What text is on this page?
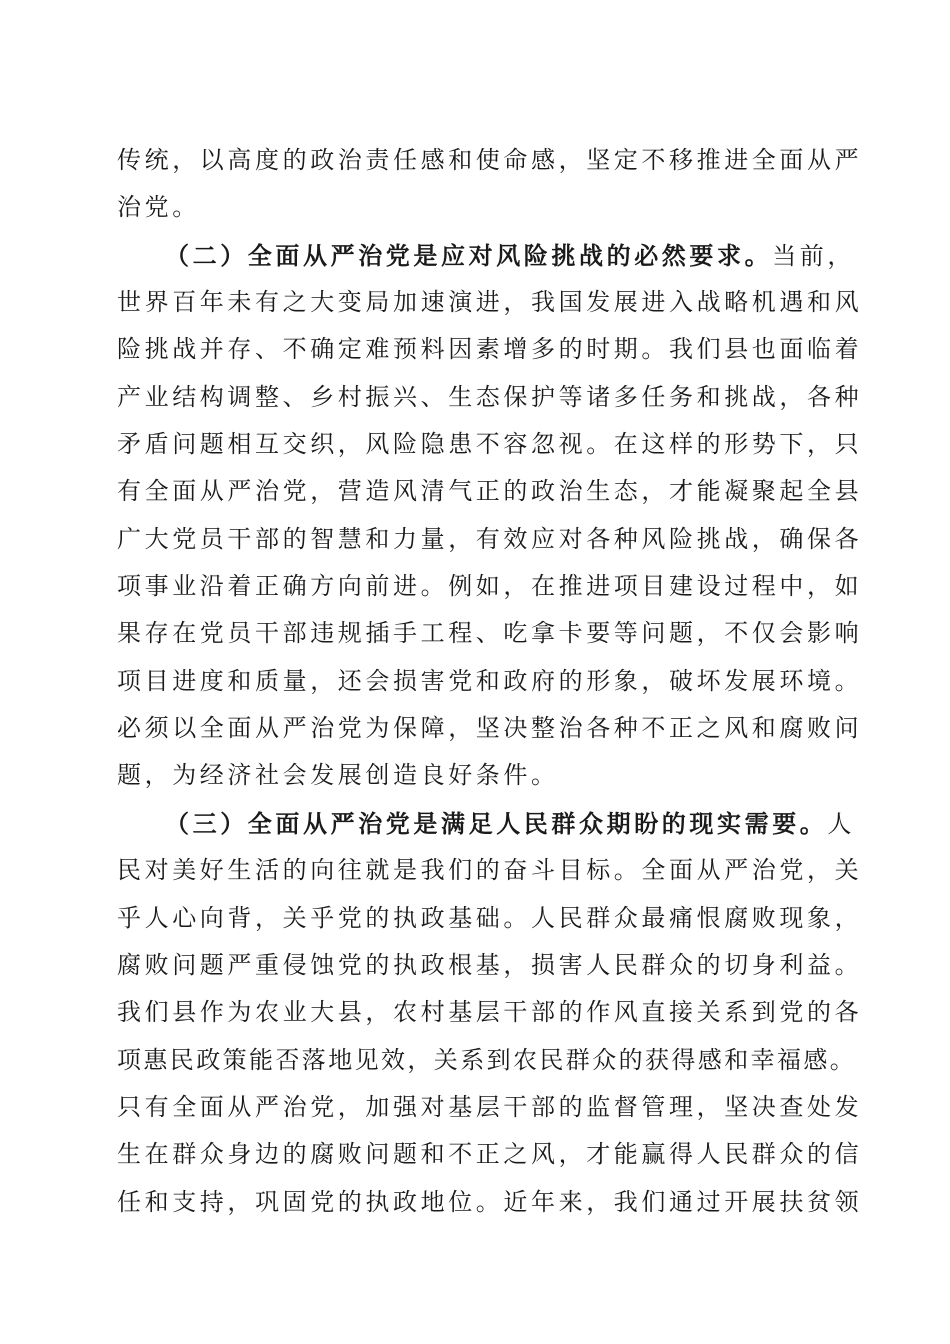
传统，以高度的政治责任感和使命感，坚定不移推进全面从严
治党。
（二）全面从严治党是应对风险挑战的必然要求。当前，
世界百年未有之大变局加速演进，我国发展进入战略机遇和风
险挑战并存、不确定难预料因素增多的时期。我们县也面临着
产业结构调整、乡村振兴、生态保护等诸多任务和挑战，各种
矛盾问题相互交织，风险隐患不容忽视。在这样的形势下，只
有全面从严治党，营造风清气正的政治生态，才能凝聚起全县
广大党员干部的智慧和力量，有效应对各种风险挑战，确保各
项事业沿着正确方向前进。例如，在推进项目建设过程中，如
果存在党员干部违规插手工程、吃拿卡要等问题，不仅会影响
项目进度和质量，还会损害党和政府的形象，破坏发展环境。
必须以全面从严治党为保障，坚决整治各种不正之风和腐败问
题，为经济社会发展创造良好条件。
（三）全面从严治党是满足人民群众期盼的现实需要。人
民对美好生活的向往就是我们的奋斗目标。全面从严治党，关
乎人心向背，关乎党的执政基础。人民群众最痛恨腐败现象，
腐败问题严重侵蚀党的执政根基，损害人民群众的切身利益。
我们县作为农业大县，农村基层干部的作风直接关系到党的各
项惠民政策能否落地见效，关系到农民群众的获得感和幸福感。
只有全面从严治党，加强对基层干部的监督管理，坚决查处发
生在群众身边的腐败问题和不正之风，才能赢得人民群众的信
任和支持，巩固党的执政地位。近年来，我们通过开展扶贫领
